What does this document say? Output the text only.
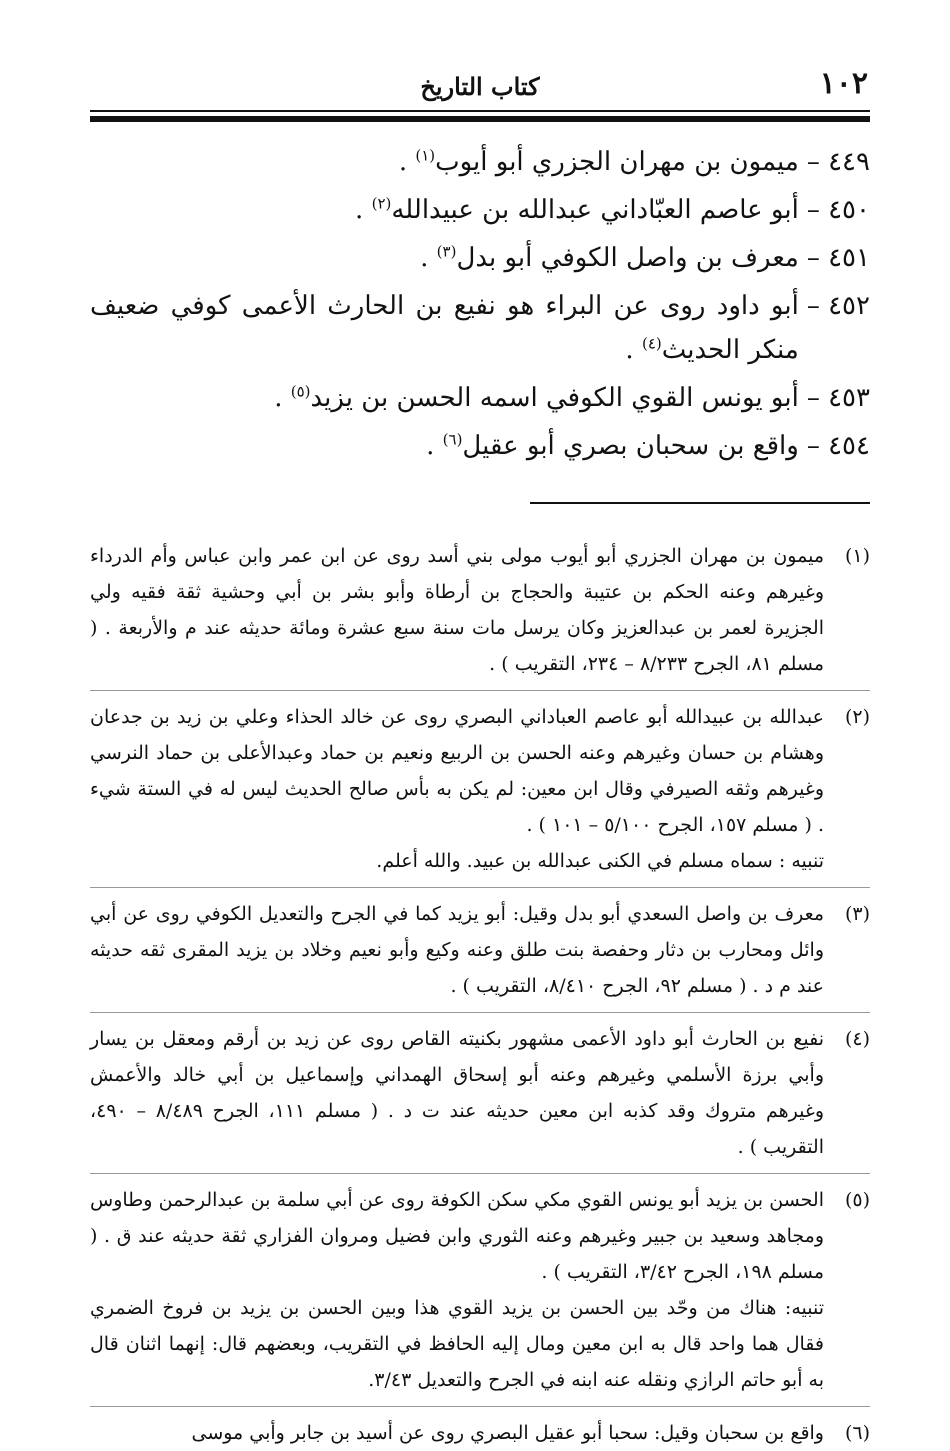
١٠٢
كتاب التاريخ
٤٤٩ –
ميمون بن مهران الجزري أبو أيوب$^{(١)}$ .
٤٥٠ –
أبو عاصم العبّاداني عبدالله بن عبيدالله$^{(٢)}$ .
٤٥١ –
معرف بن واصل الكوفي أبو بدل$^{(٣)}$ .
٤٥٢ –
أبو داود روى عن البراء هو نفيع بن الحارث الأعمى كوفي ضعيف منكر الحديث$^{(٤)}$ .
٤٥٣ –
أبو يونس القوي الكوفي اسمه الحسن بن يزيد$^{(٥)}$ .
٤٥٤ –
واقع بن سحبان بصري أبو عقيل$^{(٦)}$ .
(١)
ميمون بن مهران الجزري أبو أيوب مولى بني أسد روى عن ابن عمر وابن عباس وأم الدرداء وغيرهم وعنه الحكم بن عتيبة والحجاج بن أرطاة وأبو بشر بن أبي وحشية ثقة فقيه ولي الجزيرة لعمر بن عبدالعزيز وكان يرسل مات سنة سبع عشرة ومائة حديثه عند م والأربعة . ( مسلم ٨١، الجرح ٨/٢٣٣ – ٢٣٤، التقريب ) .
(٢)
عبدالله بن عبيدالله أبو عاصم العباداني البصري روى عن خالد الحذاء وعلي بن زيد بن جدعان وهشام بن حسان وغيرهم وعنه الحسن بن الربيع ونعيم بن حماد وعبدالأعلى بن حماد النرسي وغيرهم وثقه الصيرفي وقال ابن معين: لم يكن به بأس صالح الحديث ليس له في الستة شيء . ( مسلم ١٥٧، الجرح ٥/١٠٠ – ١٠١ ) .
تنبيه : سماه مسلم في الكنى عبدالله بن عبيد. والله أعلم.
(٣)
معرف بن واصل السعدي أبو بدل وقيل: أبو يزيد كما في الجرح والتعديل الكوفي روى عن أبي وائل ومحارب بن دثار وحفصة بنت طلق وعنه وكيع وأبو نعيم وخلاد بن يزيد المقرى ثقه حديثه عند م د . ( مسلم ٩٢، الجرح ٨/٤١٠، التقريب ) .
(٤)
نفيع بن الحارث أبو داود الأعمى مشهور بكنيته القاص روى عن زيد بن أرقم ومعقل بن يسار وأبي برزة الأسلمي وغيرهم وعنه أبو إسحاق الهمداني وإسماعيل بن أبي خالد والأعمش وغيرهم متروك وقد كذبه ابن معين حديثه عند ت د . ( مسلم ١١١، الجرح ٨/٤٨٩ – ٤٩٠، التقريب ) .
(٥)
الحسن بن يزيد أبو يونس القوي مكي سكن الكوفة روى عن أبي سلمة بن عبدالرحمن وطاوس ومجاهد وسعيد بن جبير وغيرهم وعنه الثوري وابن فضيل ومروان الفزاري ثقة حديثه عند ق . ( مسلم ١٩٨، الجرح ٣/٤٢، التقريب ) .
تنبيه: هناك من وحّد بين الحسن بن يزيد القوي هذا وبين الحسن بن يزيد بن فروخ الضمري فقال هما واحد قال به ابن معين ومال إليه الحافظ في التقريب، وبعضهم قال: إنهما اثنان قال به أبو حاتم الرازي ونقله عنه ابنه في الجرح والتعديل ٣/٤٣.
(٦)
واقع بن سحبان وقيل: سحبا أبو عقيل البصري روى عن أسيد بن جابر وأبي موسى
